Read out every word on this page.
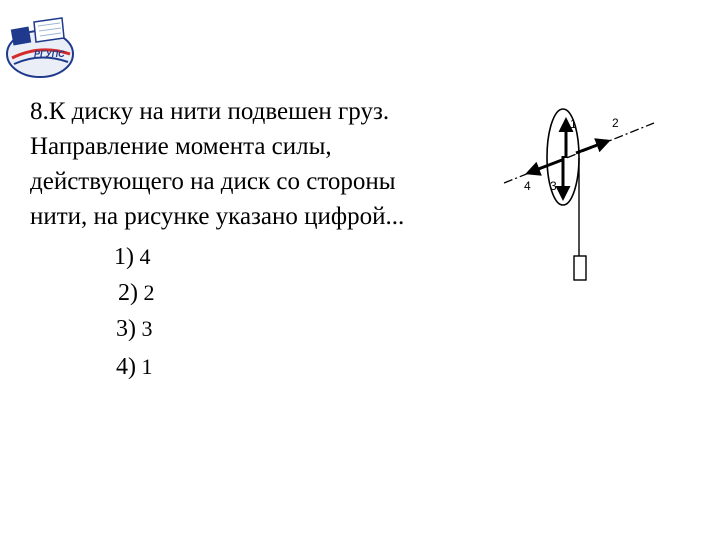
РГУПС
8.К диску на нити подвешен груз.
Направление момента силы,
действующего на диск со стороны
нити, на рисунке указано цифрой...
1) 4
2) 2
3) 3
4) 1
1	2
3
4
